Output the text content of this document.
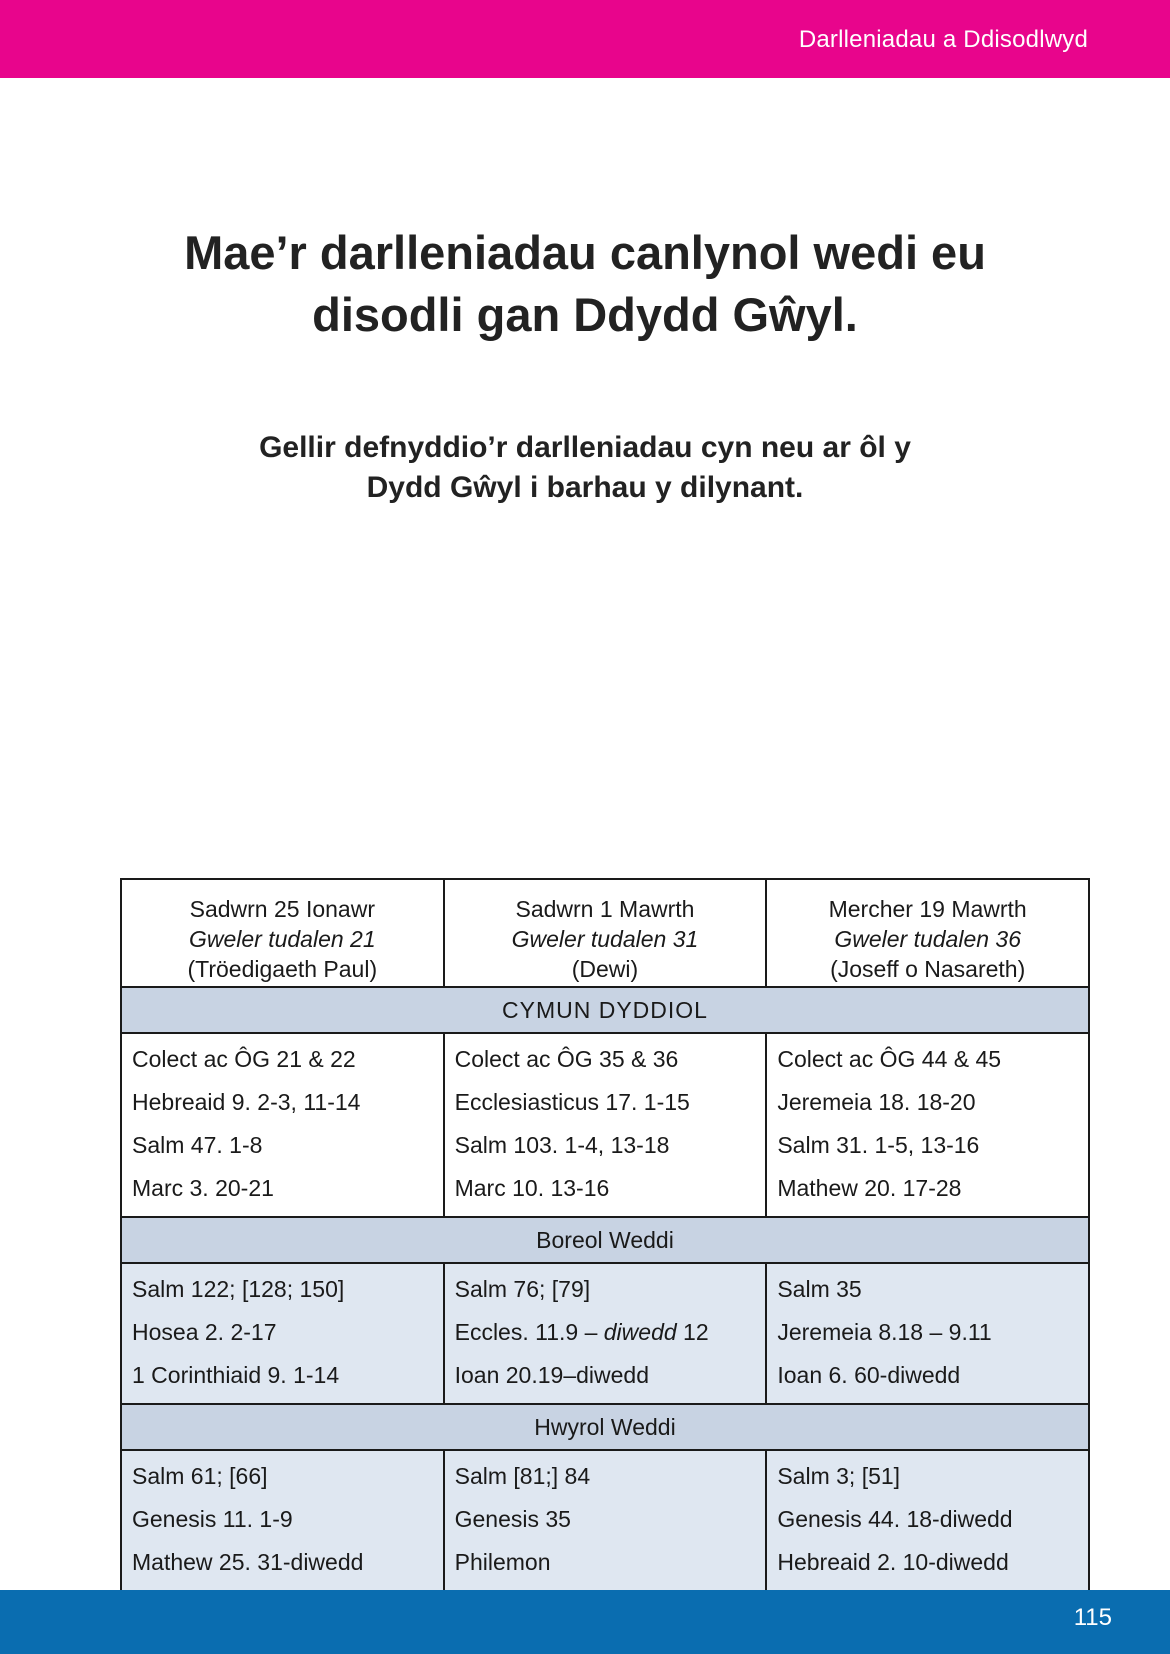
Darlleniadau a Ddisodlwyd
Mae’r darlleniadau canlynol wedi eu
disodli gan Ddydd Gŵyl.
Gellir defnyddio’r darlleniadau cyn neu ar ôl y
Dydd Gŵyl i barhau y dilynant.
Sadwrn 25 Ionawr
Gweler tudalen 21
(Tröedigaeth Paul)	Sadwrn 1 Mawrth
Gweler tudalen 31
(Dewi)	Mercher 19 Mawrth
Gweler tudalen 36
(Joseff o Nasareth)

CYMUN DYDDIOL		

Colect ac ÔG 21 & 22
Hebreaid 9. 2-3, 11-14
Salm 47. 1-8
Marc 3. 20-21	Colect ac ÔG 35 & 36
Ecclesiasticus 17. 1-15
Salm 103. 1-4, 13-18
Marc 10. 13-16	Colect ac ÔG 44 & 45
Jeremeia 18. 18-20
Salm 31. 1-5, 13-16
Mathew 20. 17-28

Boreol Weddi		

Salm 122; [128; 150]
Hosea 2. 2-17
1 Corinthiaid 9. 1-14	Salm 76; [79]
Eccles. 11.9 – diwedd 12
Ioan 20.19–diwedd	Salm 35
Jeremeia 8.18 – 9.11
Ioan 6. 60-diwedd

Hwyrol Weddi		

Salm 61; [66]
Genesis 11. 1-9
Mathew 25. 31-diwedd	Salm [81;] 84
Genesis 35
Philemon	Salm 3; [51]
Genesis 44. 18-diwedd
Hebreaid 2. 10-diwedd
115
